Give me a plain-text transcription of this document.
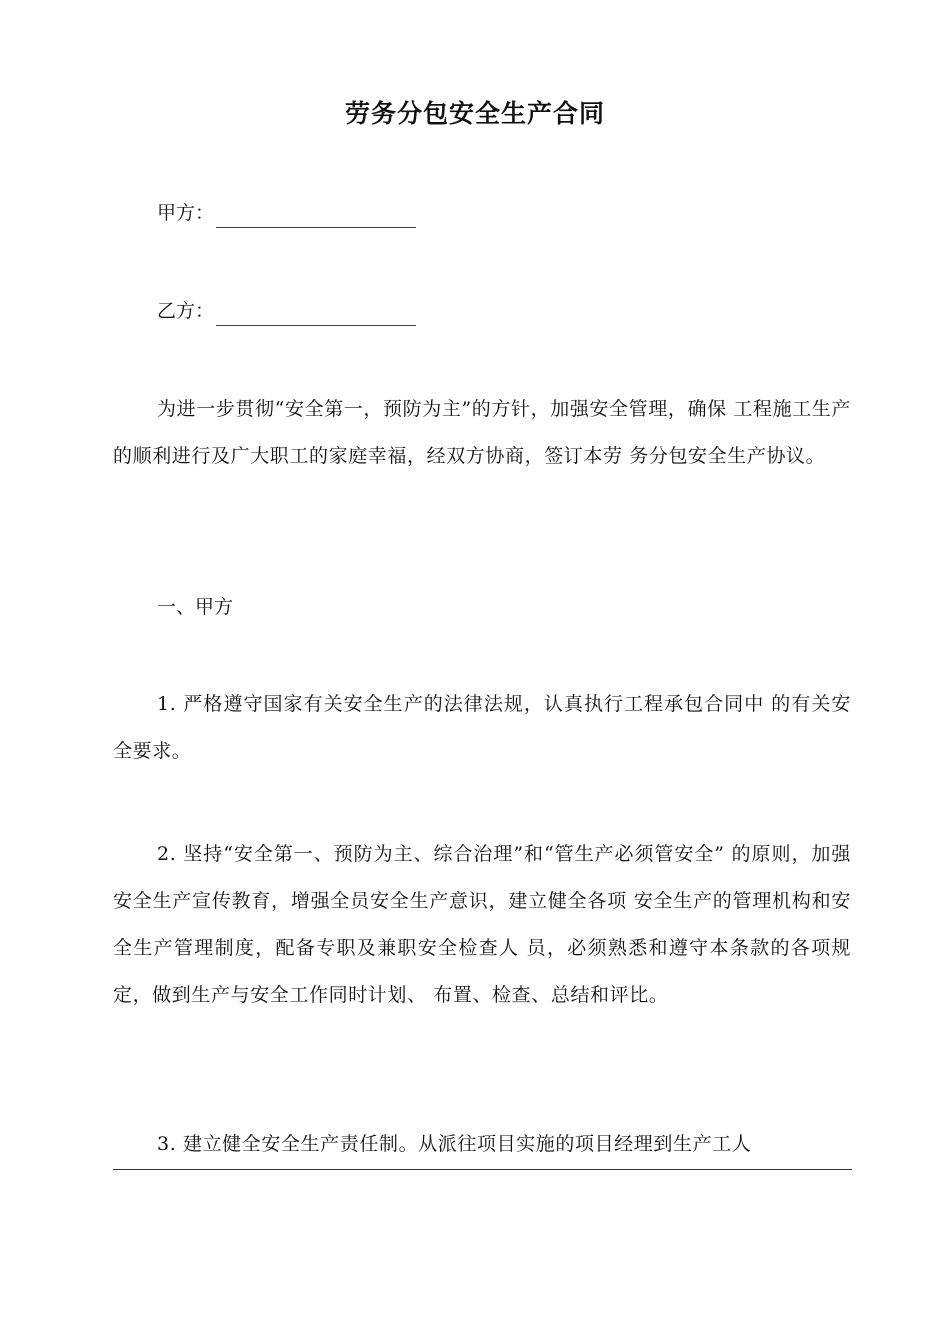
劳务分包安全生产合同
甲方：
乙方：
为进一步贯彻“安全第一，预防为主”的方针，加强安全管理，确保 工程施工生产的顺利进行及广大职工的家庭幸福，经双方协商，签订本劳 务分包安全生产协议。
一、甲方
1. 严格遵守国家有关安全生产的法律法规，认真执行工程承包合同中 的有关安全要求。
2. 坚持“安全第一、预防为主、综合治理”和“管生产必须管安全” 的原则，加强安全生产宣传教育，增强全员安全生产意识，建立健全各项 安全生产的管理机构和安全生产管理制度，配备专职及兼职安全检查人 员，必须熟悉和遵守本条款的各项规定，做到生产与安全工作同时计划、 布置、检查、总结和评比。
3. 建立健全安全生产责任制。从派往项目实施的项目经理到生产工人
